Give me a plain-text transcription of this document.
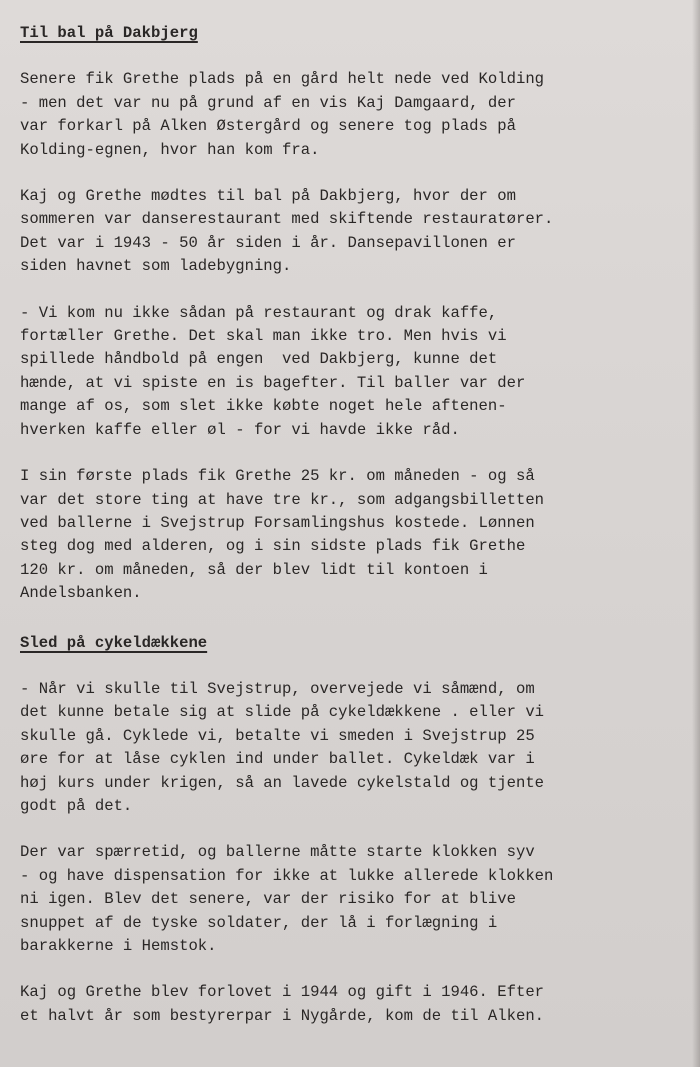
Til bal på Dakbjerg
Senere fik Grethe plads på en gård helt nede ved Kolding
- men det var nu på grund af en vis Kaj Damgaard, der
var forkarl på Alken Østergård og senere tog plads på
Kolding-egnen, hvor han kom fra.
Kaj og Grethe mødtes til bal på Dakbjerg, hvor der om
sommeren var danserestaurant med skiftende restauratører.
Det var i 1943 - 50 år siden i år. Dansepavillonen er
siden havnet som ladebygning.
- Vi kom nu ikke sådan på restaurant og drak kaffe,
fortæller Grethe. Det skal man ikke tro. Men hvis vi
spillede håndbold på engen  ved Dakbjerg, kunne det
hænde, at vi spiste en is bagefter. Til baller var der
mange af os, som slet ikke købte noget hele aftenen-
hverken kaffe eller øl - for vi havde ikke råd.
I sin første plads fik Grethe 25 kr. om måneden - og så
var det store ting at have tre kr., som adgangsbilletten
ved ballerne i Svejstrup Forsamlingshus kostede. Lønnen
steg dog med alderen, og i sin sidste plads fik Grethe
120 kr. om måneden, så der blev lidt til kontoen i
Andelsbanken.
Sled på cykeldækkene
- Når vi skulle til Svejstrup, overvejede vi såmænd, om
det kunne betale sig at slide på cykeldækkene . eller vi
skulle gå. Cyklede vi, betalte vi smeden i Svejstrup 25
øre for at låse cyklen ind under ballet. Cykeldæk var i
høj kurs under krigen, så an lavede cykelstald og tjente
godt på det.
Der var spærretid, og ballerne måtte starte klokken syv
- og have dispensation for ikke at lukke allerede klokken
ni igen. Blev det senere, var der risiko for at blive
snuppet af de tyske soldater, der lå i forlægning i
barakkerne i Hemstok.
Kaj og Grethe blev forlovet i 1944 og gift i 1946. Efter
et halvt år som bestyrerpar i Nygårde, kom de til Alken.
